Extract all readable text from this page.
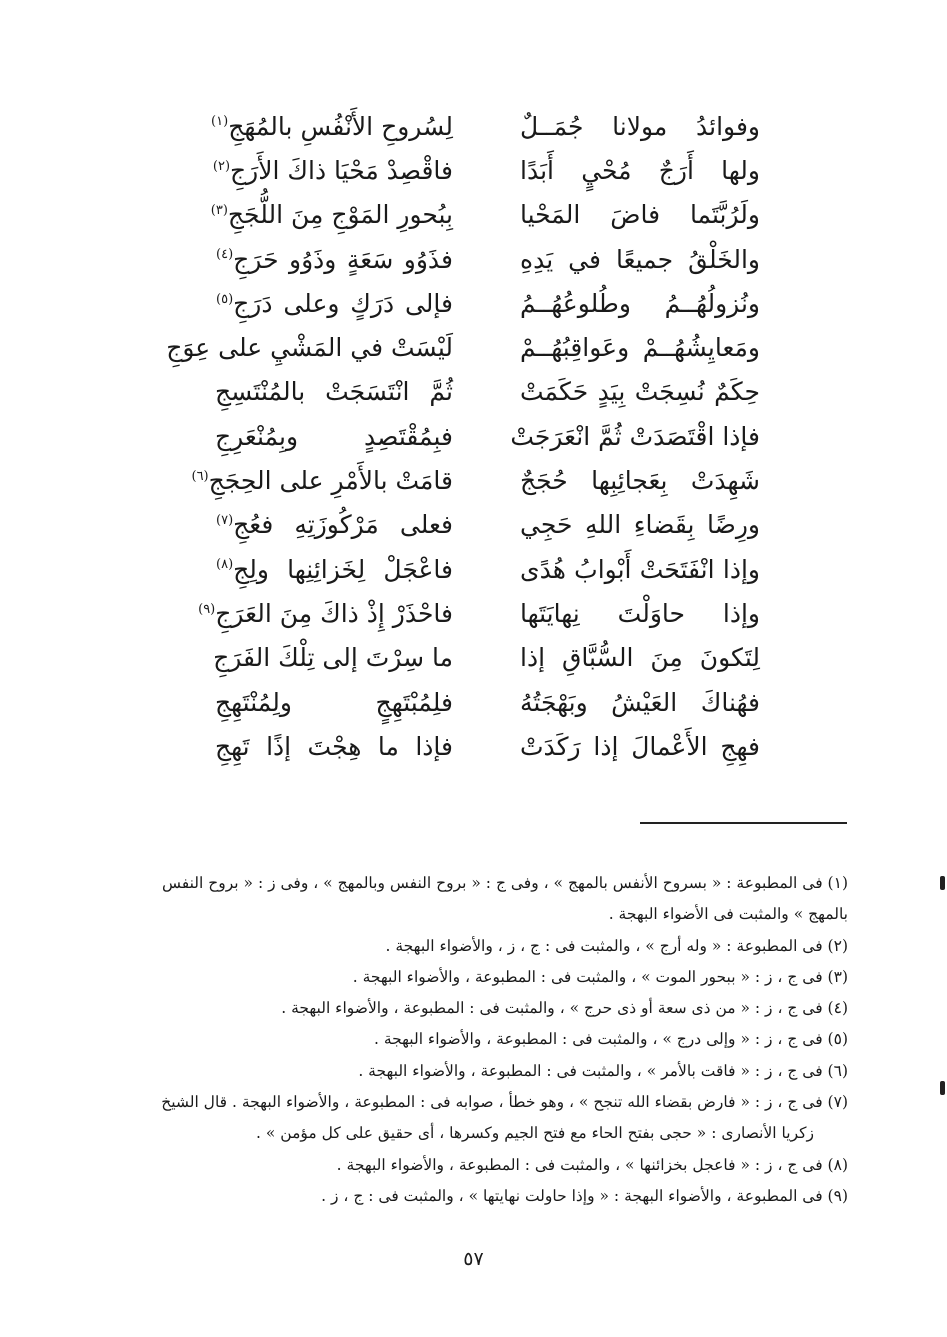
وفوائدُ مولانا جُمَــلٌ
لِسُروحِ الأَنْفُسِ بالمُهَجِ$^{(١)}$
ولها أَرَجٌ مُحْيٍ أَبَدًا
فاقْصِدْ مَحْيَا ذاكَ الأَرَجِ$^{(٢)}$
ولَرُبَّتَما فاضَ المَحْيا
بِبُحورِ المَوْجِ مِنَ اللُّجَجِ$^{(٣)}$
والخَلْقُ جميعًا في يَدِهِ
فذَوُو سَعَةٍ وذَوُو حَرَجِ$^{(٤)}$
ونُزولُهُــمُ وطُلوعُهُــمُ
فإلى دَرَكٍ وعلى دَرَجِ$^{(٥)}$
ومَعايِشُهُــمْ وعَواقِبُهُــمْ
لَيْسَتْ في المَشْيِ على عِوَجِ
حِكَمٌ نُسِجَتْ بِيَدٍ حَكَمَتْ
ثُمَّ انْتَسَجَتْ بالمُنْتَسِجِ
فإذا اقْتَصَدَتْ ثُمَّ انْعَرَجَتْ
فبِمُقْتَصِدٍ وبِمُنْعَرِجِ
شَهِدَتْ بِعَجائِبِها حُجَجٌ
قامَتْ بالأَمْرِ على الحِجَجِ$^{(٦)}$
ورِضًا بِقَضاءِ اللهِ حَجِي
فعلى مَرْكُوزَتِهِ فعُجِ$^{(٧)}$
وإذا انْفَتَحَتْ أَبْوابُ هُدًى
فاعْجَلْ لِخَزائِنِها ولِجِ$^{(٨)}$
وإذا حاوَلْتَ نِهايَتَها
فاحْذَرْ إِذْ ذاكَ مِنَ العَرَجِ$^{(٩)}$
لِتَكونَ مِنَ السُّبَّاقِ إذا
ما سِرْتَ إلى تِلْكَ الفَرَجِ
فهُناكَ العَيْشُ وبَهْجَتُهُ
فلِمُبْتَهِجٍ ولِمُنْتَهِجِ
فهِجِ الأَعْمالَ إذا رَكَدَتْ
فإذا ما هِجْتَ إذًا تَهِجِ
(١) فى المطبوعة : « بسروح الأنفس بالمهج » ، وفى ج : « بروح النفس وبالمهج » ، وفى ز : « بروح النفس
بالمهج » والمثبت فى الأضواء البهجة .
(٢) فى المطبوعة : « وله أرج » ، والمثبت فى : ج ، ز ، والأضواء البهجة .
(٣) فى ج ، ز : « ببحور الموت » ، والمثبت فى : المطبوعة ، والأضواء البهجة .
(٤) فى ج ، ز : « من ذى سعة أو ذى حرج » ، والمثبت فى : المطبوعة ، والأضواء البهجة .
(٥) فى ج ، ز : « وإلى درج » ، والمثبت فى : المطبوعة ، والأضواء البهجة .
(٦) فى ج ، ز : « فاقت بالأمر » ، والمثبت فى : المطبوعة ، والأضواء البهجة .
(٧) فى ج ، ز : « فارض بقضاء الله تنجح » ، وهو خطأ ، صوابه فى : المطبوعة ، والأضواء البهجة . قال الشيخ
زكريا الأنصارى : « حجى بفتح الحاء مع فتح الجيم وكسرها ، أى حقيق على كل مؤمن » .
(٨) فى ج ، ز : « فاعجل بخزائنها » ، والمثبت فى : المطبوعة ، والأضواء البهجة .
(٩) فى المطبوعة ، والأضواء البهجة : « وإذا حاولت نهايتها » ، والمثبت فى : ج ، ز .
٥٧
